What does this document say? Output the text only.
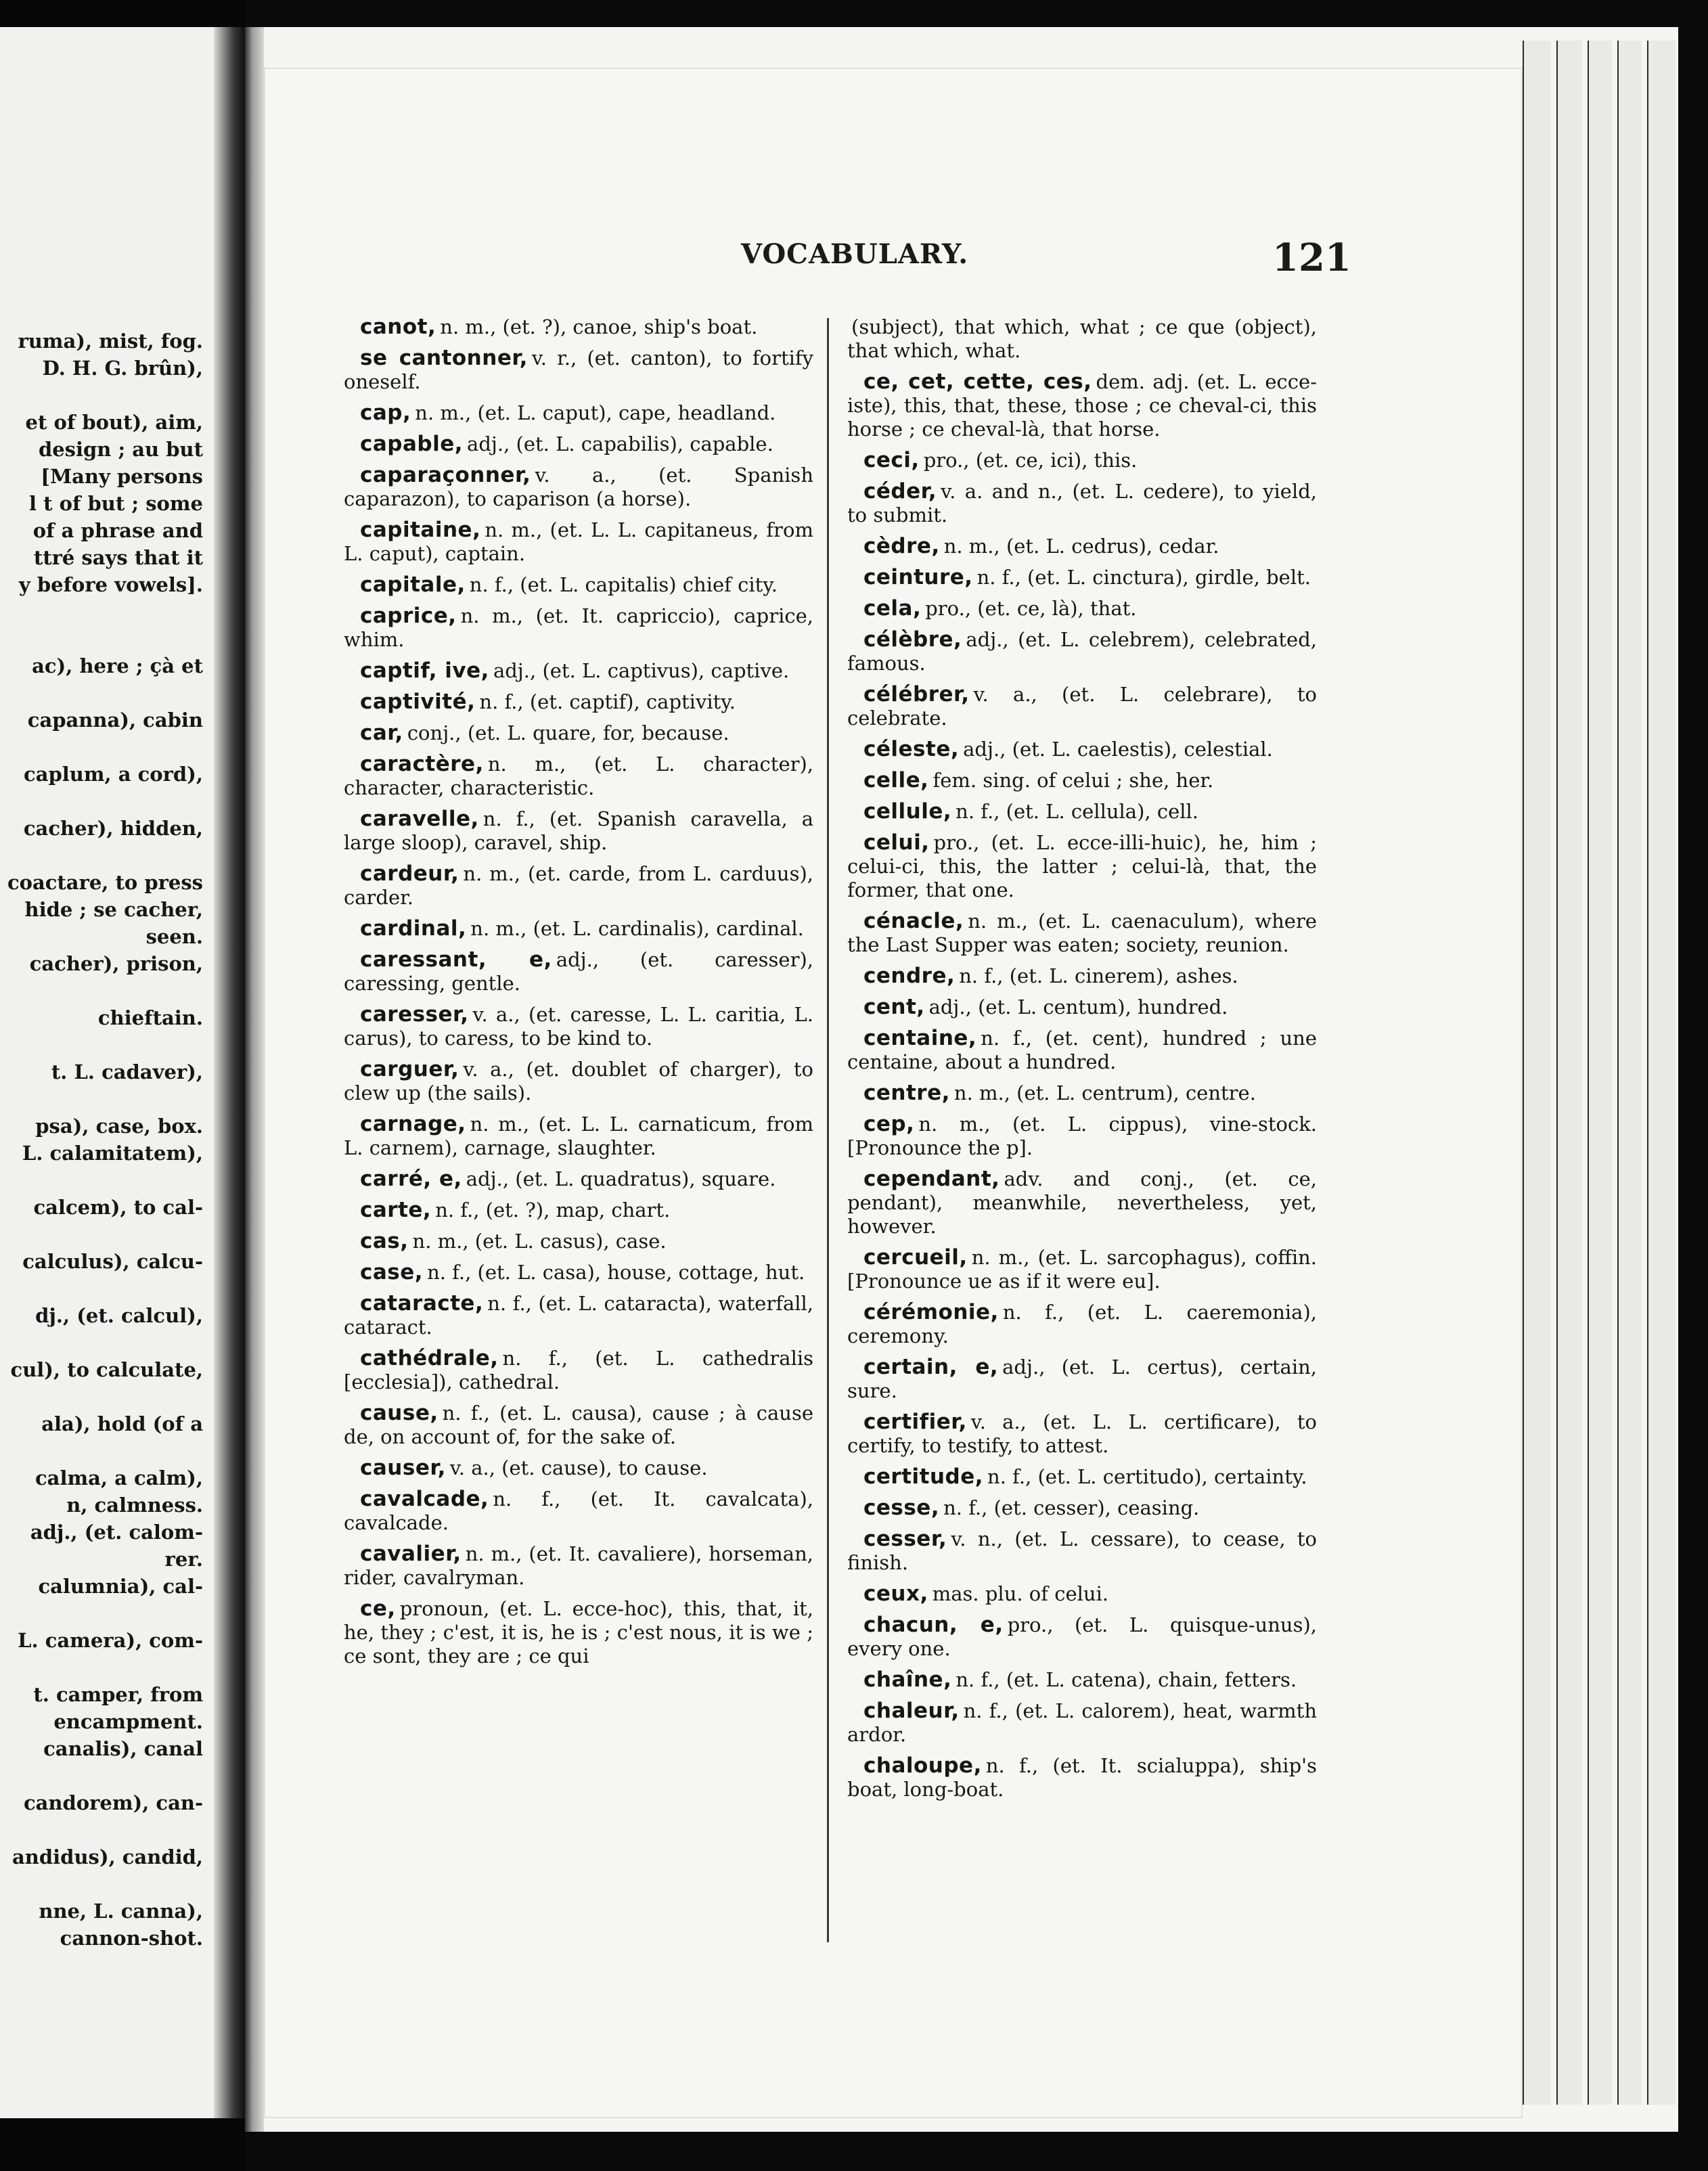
ruma), mist, fog.

D. H. G. brûn),

et of bout), aim,

design ; au but

[Many persons

l t of but ; some

of a phrase and

ttré says that it

y before vowels].

ac), here ; çà et

capanna), cabin

caplum, a cord),

cacher), hidden,

coactare, to press

hide ; se cacher,

seen.

cacher), prison,

chieftain.

t. L. cadaver),

psa), case, box.

L. calamitatem),

calcem), to cal-

calculus), calcu-

dj., (et. calcul),

cul), to calculate,

ala), hold (of a

calma, a calm),

n, calmness.

adj., (et. calom-

rer.

calumnia), cal-

L. camera), com-

t. camper, from

encampment.

canalis), canal

candorem), can-

andidus), candid,

nne, L. canna),

cannon-shot.

VOCABULARY.	121

canot, n. m., (et. ?), canoe, ship's boat.

se cantonner, v. r., (et. canton), to fortify oneself.

cap, n. m., (et. L. caput), cape, headland.

capable, adj., (et. L. capabilis), capable.

caparaçonner, v. a., (et. Spanish caparazon), to caparison (a horse).

capitaine, n. m., (et. L. L. capitaneus, from L. caput), captain.

capitale, n. f., (et. L. capitalis) chief city.

caprice, n. m., (et. It. capriccio), caprice, whim.

captif, ive, adj., (et. L. captivus), captive.

captivité, n. f., (et. captif), captivity.

car, conj., (et. L. quare, for, because.

caractère, n. m., (et. L. character), character, characteristic.

caravelle, n. f., (et. Spanish caravella, a large sloop), caravel, ship.

cardeur, n. m., (et. carde, from L. carduus), carder.

cardinal, n. m., (et. L. cardinalis), cardinal.

caressant, e, adj., (et. caresser), caressing, gentle.

caresser, v. a., (et. caresse, L. L. caritia, L. carus), to caress, to be kind to.

carguer, v. a., (et. doublet of charger), to clew up (the sails).

carnage, n. m., (et. L. L. carnaticum, from L. carnem), carnage, slaughter.

carré, e, adj., (et. L. quadratus), square.

carte, n. f., (et. ?), map, chart.

cas, n. m., (et. L. casus), case.

case, n. f., (et. L. casa), house, cottage, hut.

cataracte, n. f., (et. L. cataracta), waterfall, cataract.

cathédrale, n. f., (et. L. cathedralis [ecclesia]), cathedral.

cause, n. f., (et. L. causa), cause ; à cause de, on account of, for the sake of.

causer, v. a., (et. cause), to cause.

cavalcade, n. f., (et. It. cavalcata), cavalcade.

cavalier, n. m., (et. It. cavaliere), horseman, rider, cavalryman.

ce, pronoun, (et. L. ecce-hoc), this, that, it, he, they ; c'est, it is, he is ; c'est nous, it is we ; ce sont, they are ; ce qui

(subject), that which, what ; ce que (object), that which, what.

ce, cet, cette, ces, dem. adj. (et. L. ecce-iste), this, that, these, those ; ce cheval-ci, this horse ; ce cheval-là, that horse.

ceci, pro., (et. ce, ici), this.

céder, v. a. and n., (et. L. cedere), to yield, to submit.

cèdre, n. m., (et. L. cedrus), cedar.

ceinture, n. f., (et. L. cinctura), girdle, belt.

cela, pro., (et. ce, là), that.

célèbre, adj., (et. L. celebrem), celebrated, famous.

célébrer, v. a., (et. L. celebrare), to celebrate.

céleste, adj., (et. L. caelestis), celestial.

celle, fem. sing. of celui ; she, her.

cellule, n. f., (et. L. cellula), cell.

celui, pro., (et. L. ecce-illi-huic), he, him ; celui-ci, this, the latter ; celui-là, that, the former, that one.

cénacle, n. m., (et. L. caenaculum), where the Last Supper was eaten; society, reunion.

cendre, n. f., (et. L. cinerem), ashes.

cent, adj., (et. L. centum), hundred.

centaine, n. f., (et. cent), hundred ; une centaine, about a hundred.

centre, n. m., (et. L. centrum), centre.

cep, n. m., (et. L. cippus), vine-stock. [Pronounce the p].

cependant, adv. and conj., (et. ce, pendant), meanwhile, nevertheless, yet, however.

cercueil, n. m., (et. L. sarcophagus), coffin. [Pronounce ue as if it were eu].

cérémonie, n. f., (et. L. caeremonia), ceremony.

certain, e, adj., (et. L. certus), certain, sure.

certifier, v. a., (et. L. L. certificare), to certify, to testify, to attest.

certitude, n. f., (et. L. certitudo), certainty.

cesse, n. f., (et. cesser), ceasing.

cesser, v. n., (et. L. cessare), to cease, to finish.

ceux, mas. plu. of celui.

chacun, e, pro., (et. L. quisque-unus), every one.

chaîne, n. f., (et. L. catena), chain, fetters.

chaleur, n. f., (et. L. calorem), heat, warmth ardor.

chaloupe, n. f., (et. It. scialuppa), ship's boat, long-boat.
